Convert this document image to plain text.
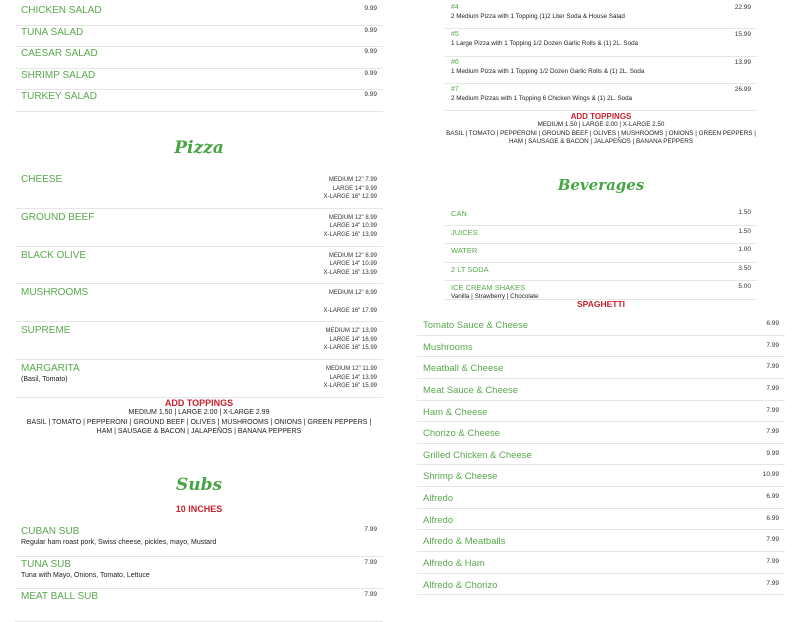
CHICKEN SALAD	9.99
TUNA SALAD	9.99
CAESAR SALAD	9.99
SHRIMP SALAD	9.99
TURKEY SALAD	9.99
Pizza
CHEESE	MEDIUM 12" 7.99
LARGE 14" 9.99
X-LARGE 16" 12.99
GROUND BEEF	MEDIUM 12" 8.99
LARGE 14" 10.99
X-LARGE 16" 13.99
BLACK OLIVE	MEDIUM 12" 8.99
LARGE 14" 10.99
X-LARGE 16" 13.99
MUSHROOMS	MEDIUM 12" 8.99

X-LARGE 16" 17.99
SUPREME	MEDIUM 12" 13.99
LARGE 14" 16.99
X-LARGE 16" 15.99
MARGARITA
(Basil, Tomato)
MEDIUM 12" 11.99
LARGE 14" 13.99
X-LARGE 16" 15.99
ADD TOPPINGS
MEDIUM 1.50 | LARGE 2.00 | X-LARGE 2.99
BASIL | TOMATO | PEPPERONI | GROUND BEEF | OLIVES | MUSHROOMS | ONIONS | GREEN PEPPERS |
HAM | SAUSAGE & BACON | JALAPEÑOS | BANANA PEPPERS
Subs
10 INCHES
CUBAN SUB
Regular ham roast pork, Swiss cheese, pickles, mayo, Mustard
7.99
TUNA SUB
Tuna with Mayo, Onions, Tomato, Lettuce
7.99
MEAT BALL SUB	7.99
#4
2 Medium Pizza with 1 Topping (1)2 Liter Soda & House Salad
22.99
#5
1 Large Pizza with 1 Topping 1/2 Dozen Garlic Rolls & (1) 2L. Soda
15.99
#6
1 Medium Pizza with 1 Topping 1/2 Dozen Garlic Rolls & (1) 2L. Soda
13.99
#7
2 Medium Pizzas with 1 Topping 6 Chicken Wings & (1) 2L. Soda
26.99
ADD TOPPINGS
MEDIUM 1.50 | LARGE 2.00 | X-LARGE 2.50
BASIL | TOMATO | PEPPERONI | GROUND BEEF | OLIVES | MUSHROOMS | ONIONS | GREEN PEPPERS |
HAM | SAUSAGE & BACON | JALAPEÑOS | BANANA PEPPERS
Beverages
CAN	1.50
JUICES	1.50
WATER	1.00
2 LT SODA	3.50
ICE CREAM SHAKES
Vanilla | Strawberry | Chocolate
5.00
SPAGHETTI
Tomato Sauce & Cheese	6.99
Mushrooms	7.99
Meatball & Cheese	7.99
Meat Sauce & Cheese	7.99
Ham & Cheese	7.99
Chorizo & Cheese	7.99
Grilled Chicken & Cheese	9.99
Shrimp & Cheese	10.99
Alfredo	6.99
Alfredo	6.99
Alfredo & Meatballs	7.99
Alfredo & Ham	7.99
Alfredo & Chorizo	7.99
